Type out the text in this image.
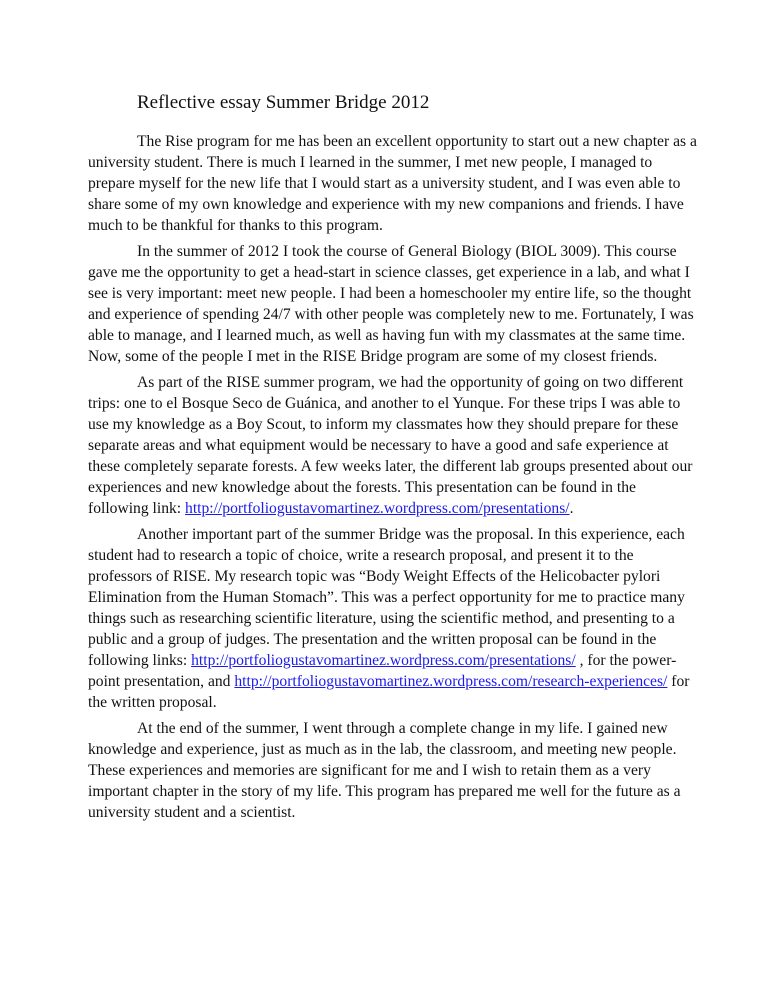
Reflective essay Summer Bridge 2012
The Rise program for me has been an excellent opportunity to start out a new chapter as a
university student. There is much I learned in the summer, I met new people, I managed to
prepare myself for the new life that I would start as a university student, and I was even able to
share some of my own knowledge and experience with my new companions and friends. I have
much to be thankful for thanks to this program.
In the summer of 2012 I took the course of General Biology (BIOL 3009). This course
gave me the opportunity to get a head-start in science classes, get experience in a lab, and what I
see is very important: meet new people. I had been a homeschooler my entire life, so the thought
and experience of spending 24/7 with other people was completely new to me. Fortunately, I was
able to manage, and I learned much, as well as having fun with my classmates at the same time.
Now, some of the people I met in the RISE Bridge program are some of my closest friends.
As part of the RISE summer program, we had the opportunity of going on two different
trips: one to el Bosque Seco de Guánica, and another to el Yunque. For these trips I was able to
use my knowledge as a Boy Scout, to inform my classmates how they should prepare for these
separate areas and what equipment would be necessary to have a good and safe experience at
these completely separate forests. A few weeks later, the different lab groups presented about our
experiences and new knowledge about the forests. This presentation can be found in the
following link: http://portfoliogustavomartinez.wordpress.com/presentations/.
Another important part of the summer Bridge was the proposal. In this experience, each
student had to research a topic of choice, write a research proposal, and present it to the
professors of RISE. My research topic was “Body Weight Effects of the Helicobacter pylori
Elimination from the Human Stomach”. This was a perfect opportunity for me to practice many
things such as researching scientific literature, using the scientific method, and presenting to a
public and a group of judges. The presentation and the written proposal can be found in the
following links: http://portfoliogustavomartinez.wordpress.com/presentations/ , for the power-
point presentation, and http://portfoliogustavomartinez.wordpress.com/research-experiences/ for
the written proposal.
At the end of the summer, I went through a complete change in my life. I gained new
knowledge and experience, just as much as in the lab, the classroom, and meeting new people.
These experiences and memories are significant for me and I wish to retain them as a very
important chapter in the story of my life. This program has prepared me well for the future as a
university student and a scientist.
